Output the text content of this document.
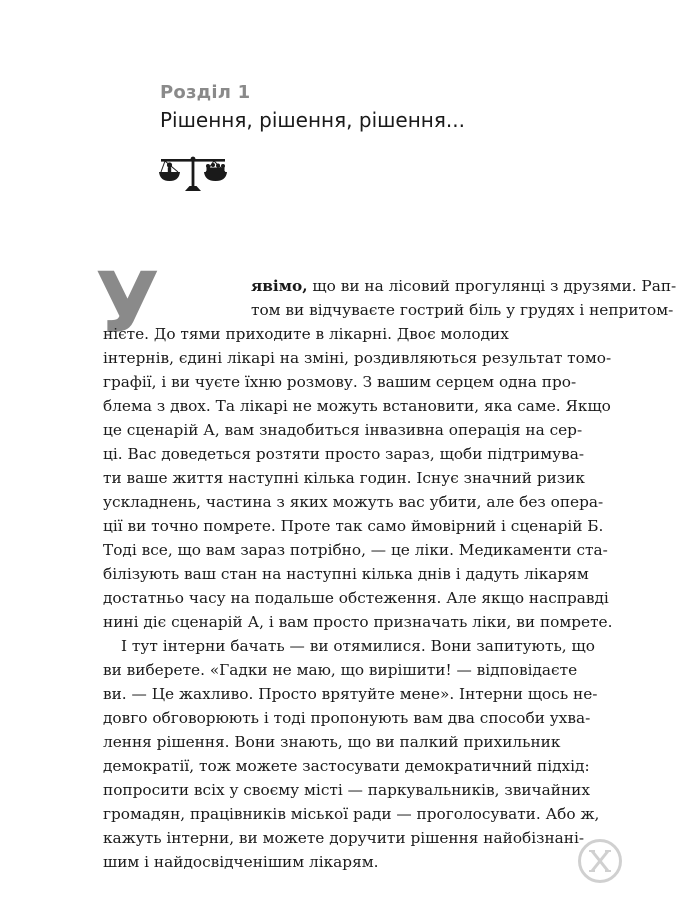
Розділ 1
Рішення, рішення, рішення...
У	явімо, що ви на лісовий прогулянці з друзями. Рап-
том ви відчуваєте гострий біль у грудях і непритом-
нієте. До тями приходите в лікарні. Двоє молодих
інтернів, єдині лікарі на зміні, роздивляються результат томо-
графії, і ви чуєте їхню розмову. З вашим серцем одна про-
блема з двох. Та лікарі не можуть встановити, яка саме. Якщо
це сценарій А, вам знадобиться інвазивна операція на сер-
ці. Вас доведеться розтяти просто зараз, щоби підтримува-
ти ваше життя наступні кілька годин. Існує значний ризик
ускладнень, частина з яких можуть вас убити, але без опера-
ції ви точно помрете. Проте так само ймовірний і сценарій Б.
Тоді все, що вам зараз потрібно, — це ліки. Медикаменти ста-
білізують ваш стан на наступні кілька днів і дадуть лікарям
достатньо часу на подальше обстеження. Але якщо насправді
нині діє сценарій А, і вам просто призначать ліки, ви помрете.
І тут інтерни бачать — ви отямилися. Вони запитують, що
ви виберете. «Гадки не маю, що вирішити! — відповідаєте
ви. — Це жахливо. Просто врятуйте мене». Інтерни щось не-
довго обговорюють і тоді пропонують вам два способи ухва-
лення рішення. Вони знають, що ви палкий прихильник
демократії, тож можете застосувати демократичний підхід:
попросити всіх у своєму місті — паркувальників, звичайних
громадян, працівників міської ради — проголосувати. Або ж,
кажуть інтерни, ви можете доручити рішення найобізнані-
шим і найдосвідченішим лікарям.
